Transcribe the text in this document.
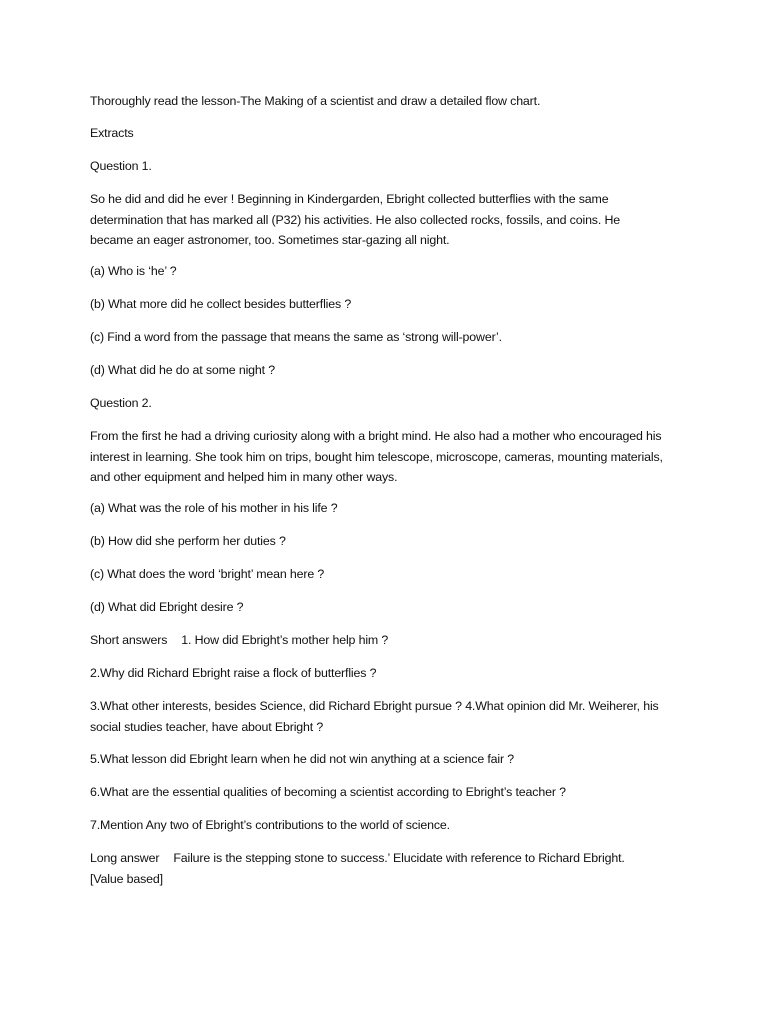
Thoroughly read the lesson-The Making of a scientist and draw a detailed flow chart.

Extracts

Question 1.

So he did and did he ever ! Beginning in Kindergarden, Ebright collected butterflies with the same determination that has marked all (P32) his activities. He also collected rocks, fossils, and coins. He became an eager astronomer, too. Sometimes star-gazing all night.

(a) Who is ‘he’ ?

(b) What more did he collect besides butterflies ?

(c) Find a word from the passage that means the same as ‘strong will-power’.

(d) What did he do at some night ?

Question 2.

From the first he had a driving curiosity along with a bright mind. He also had a mother who encouraged his interest in learning. She took him on trips, bought him telescope, microscope, cameras, mounting materials, and other equipment and helped him in many other ways.

(a) What was the role of his mother in his life ?

(b) How did she perform her duties ?

(c) What does the word ‘bright’ mean here ?

(d) What did Ebright desire ?

Short answers 1. How did Ebright’s mother help him ?

2.Why did Richard Ebright raise a flock of butterflies ?

3.What other interests, besides Science, did Richard Ebright pursue ? 4.What opinion did Mr. Weiherer, his social studies teacher, have about Ebright ?

5.What lesson did Ebright learn when he did not win anything at a science fair ?

6.What are the essential qualities of becoming a scientist according to Ebright’s teacher ?

7.Mention Any two of Ebright’s contributions to the world of science.

Long answer Failure is the stepping stone to success.’ Elucidate with reference to Richard Ebright. [Value based]
